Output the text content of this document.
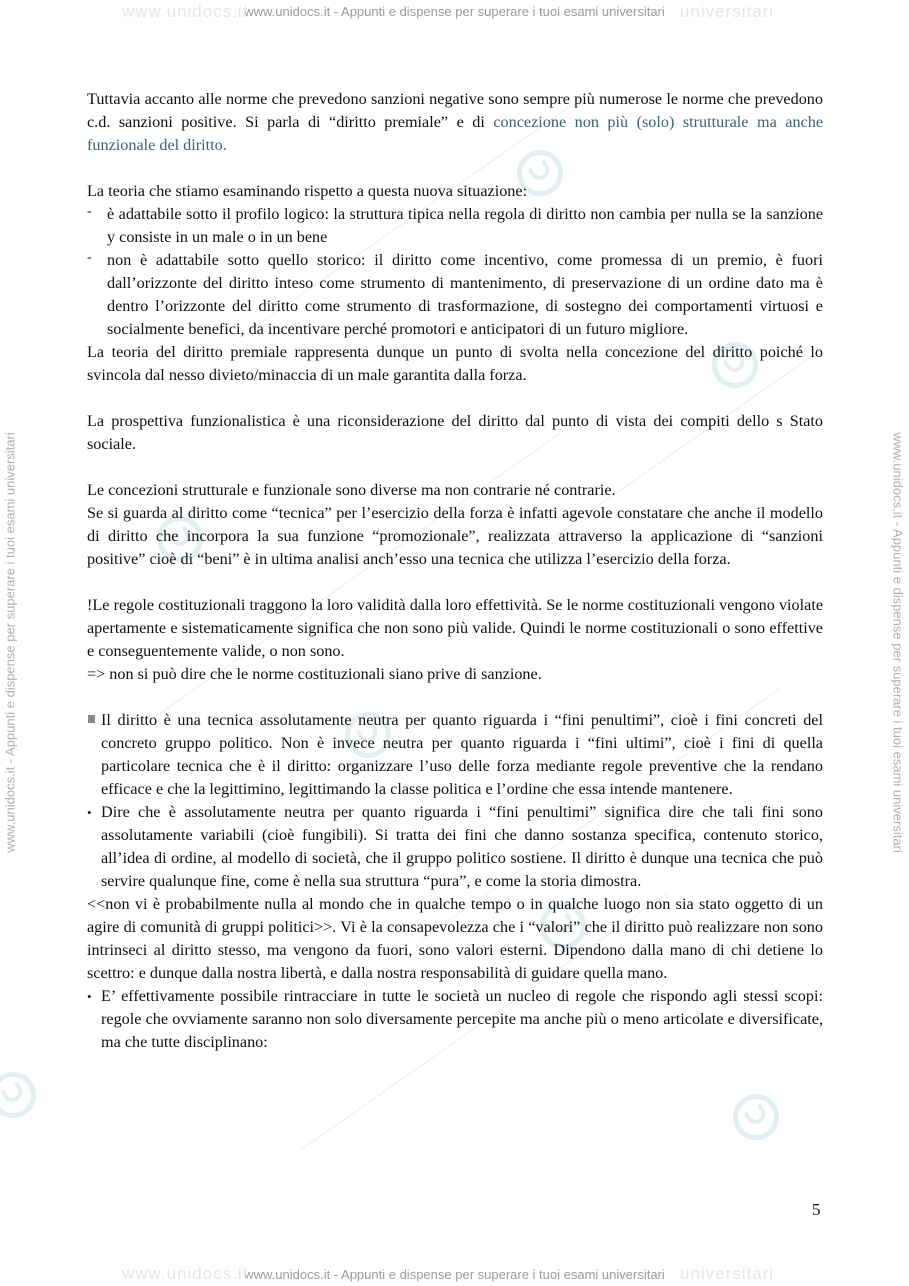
www.unidocs.it - Appunti e dispense per superare i tuoi esami universitari
www.unidocs.it	universitari
www.unidocs.it - Appunti e dispense per superare i tuoi esami universitari
www.unidocs.it	universitari
www.unidocs.it - Appunti e dispense per superare i tuoi esami universitari	www.unidocs.it - Appunti e dispense per superare i tuoi esami universitari

Tuttavia accanto alle norme che prevedono sanzioni negative sono sempre più numerose le norme che prevedono c.d. sanzioni positive. Si parla di “diritto premiale” e di concezione non più (solo) strutturale ma anche funzionale del diritto.

La teoria che stiamo esaminando rispetto a questa nuova situazione:

- è adattabile sotto il profilo logico: la struttura tipica nella regola di diritto non cambia per nulla se la sanzione y consiste in un male o in un bene
- non è adattabile sotto quello storico: il diritto come incentivo, come promessa di un premio, è fuori dall’orizzonte del diritto inteso come strumento di mantenimento, di preservazione di un ordine dato ma è dentro l’orizzonte del diritto come strumento di trasformazione, di sostegno dei comportamenti virtuosi e socialmente benefici, da incentivare perché promotori e anticipatori di un futuro migliore.

La teoria del diritto premiale rappresenta dunque un punto di svolta nella concezione del diritto poiché lo svincola dal nesso divieto/minaccia di un male garantita dalla forza.

La prospettiva funzionalistica è una riconsiderazione del diritto dal punto di vista dei compiti dello s Stato sociale.

Le concezioni strutturale e funzionale sono diverse ma non contrarie né contrarie.

Se si guarda al diritto come “tecnica” per l’esercizio della forza è infatti agevole constatare che anche il modello di diritto che incorpora la sua funzione “promozionale”, realizzata attraverso la applicazione di “sanzioni positive” cioè di “beni” è in ultima analisi anch’esso una tecnica che utilizza l’esercizio della forza.

!Le regole costituzionali traggono la loro validità dalla loro effettività. Se le norme costituzionali vengono violate apertamente e sistematicamente significa che non sono più valide. Quindi le norme costituzionali o sono effettive e conseguentemente valide, o non sono.

=> non si può dire che le norme costituzionali siano prive di sanzione.

Il diritto è una tecnica assolutamente neutra per quanto riguarda i “fini penultimi”, cioè i fini concreti del concreto gruppo politico. Non è invece neutra per quanto riguarda i “fini ultimi”, cioè i fini di quella particolare tecnica che è il diritto: organizzare l’uso delle forza mediante regole preventive che la rendano efficace e che la legittimino, legittimando la classe politica e l’ordine che essa intende mantenere.
• Dire che è assolutamente neutra per quanto riguarda i “fini penultimi” significa dire che tali fini sono assolutamente variabili (cioè fungibili). Si tratta dei fini che danno sostanza specifica, contenuto storico, all’idea di ordine, al modello di società, che il gruppo politico sostiene. Il diritto è dunque una tecnica che può servire qualunque fine, come è nella sua struttura “pura”, e come la storia dimostra.

<<non vi è probabilmente nulla al mondo che in qualche tempo o in qualche luogo non sia stato oggetto di un agire di comunità di gruppi politici>>. Vi è la consapevolezza che i “valori” che il diritto può realizzare non sono intrinseci al diritto stesso, ma vengono da fuori, sono valori esterni. Dipendono dalla mano di chi detiene lo scettro: e dunque dalla nostra libertà, e dalla nostra responsabilità di guidare quella mano.

• E’ effettivamente possibile rintracciare in tutte le società un nucleo di regole che rispondo agli stessi scopi: regole che ovviamente saranno non solo diversamente percepite ma anche più o meno articolate e diversificate, ma che tutte disciplinano:
5
